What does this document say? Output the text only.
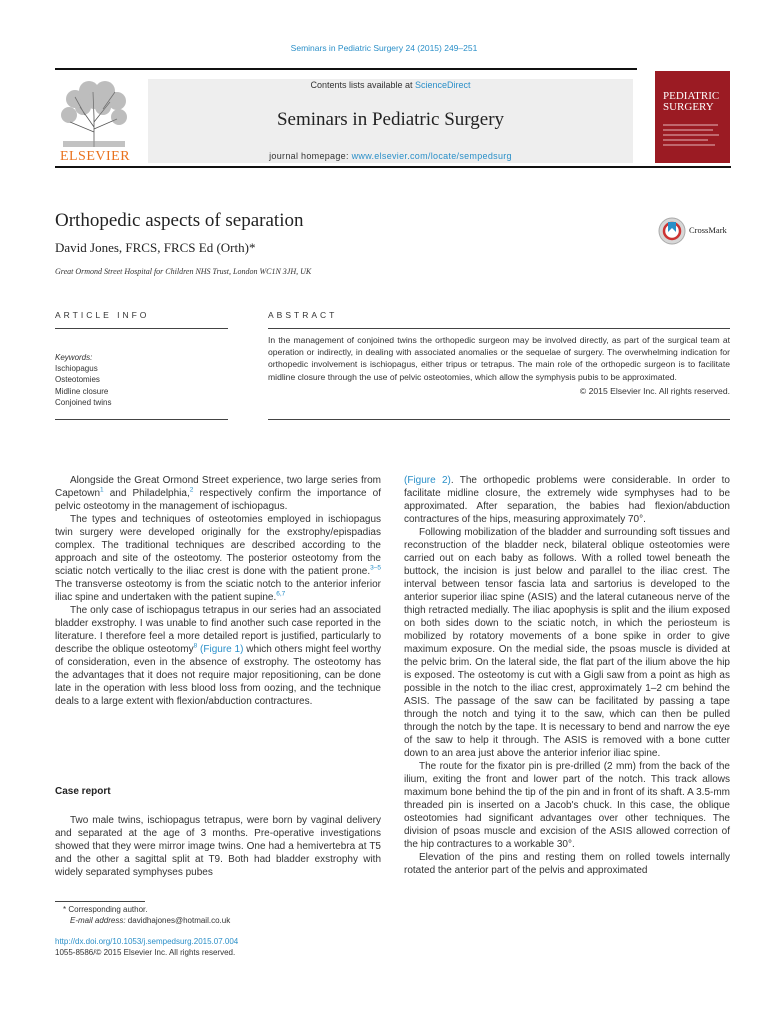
Seminars in Pediatric Surgery 24 (2015) 249–251
ELSEVIER
Contents lists available at ScienceDirect
Seminars in Pediatric Surgery
journal homepage: www.elsevier.com/locate/sempedsurg
PEDIATRIC SURGERY
Orthopedic aspects of separation
David Jones, FRCS, FRCS Ed (Orth)*
Great Ormond Street Hospital for Children NHS Trust, London WC1N 3JH, UK
CrossMark
ARTICLE INFO
Keywords:
Ischiopagus
Osteotomies
Midline closure
Conjoined twins
ABSTRACT
In the management of conjoined twins the orthopedic surgeon may be involved directly, as part of the surgical team at operation or indirectly, in dealing with associated anomalies or the sequelae of surgery. The overwhelming indication for orthopedic involvement is ischiopagus, either tripus or tetrapus. The main role of the orthopedic surgeon is to facilitate midline closure through the use of pelvic osteotomies, which allow the symphysis pubis to be approximated.
© 2015 Elsevier Inc. All rights reserved.

Alongside the Great Ormond Street experience, two large series from Capetown$^1$ and Philadelphia,$^2$ respectively confirm the importance of pelvic osteotomy in the management of ischiopagus.

The types and techniques of osteotomies employed in ischiopagus twin surgery were developed originally for the exstrophy/epispadias complex. The traditional techniques are described according to the approach and site of the osteotomy. The posterior osteotomy from the sciatic notch vertically to the iliac crest is done with the patient prone.$^{3-5}$ The transverse osteotomy is from the sciatic notch to the anterior inferior iliac spine and undertaken with the patient supine.$^{6,7}$

The only case of ischiopagus tetrapus in our series had an associated bladder exstrophy. I was unable to find another such case reported in the literature. I therefore feel a more detailed report is justified, particularly to describe the oblique osteotomy$^8$ (Figure 1) which others might feel worthy of consideration, even in the absence of exstrophy. The osteotomy has the advantages that it does not require major repositioning, can be done late in the operation with less blood loss from oozing, and the technique deals to a large extent with flexion/abduction contractures.

Case report

Two male twins, ischiopagus tetrapus, were born by vaginal delivery and separated at the age of 3 months. Pre-operative investigations showed that they were mirror image twins. One had a hemivertebra at T5 and the other a sagittal split at T9. Both had bladder exstrophy with widely separated symphyses pubes

* Corresponding author.
E-mail address: davidhajones@hotmail.co.uk
http://dx.doi.org/10.1053/j.sempedsurg.2015.07.004
1055-8586/© 2015 Elsevier Inc. All rights reserved.

(Figure 2). The orthopedic problems were considerable. In order to facilitate midline closure, the extremely wide symphyses had to be approximated. After separation, the babies had flexion/abduction contractures of the hips, measuring approximately 70°.

Following mobilization of the bladder and surrounding soft tissues and reconstruction of the bladder neck, bilateral oblique osteotomies were carried out on each baby as follows. With a rolled towel beneath the buttock, the incision is just below and parallel to the iliac crest. The interval between tensor fascia lata and sartorius is developed to the anterior superior iliac spine (ASIS) and the lateral cutaneous nerve of the thigh retracted medially. The iliac apophysis is split and the ilium exposed on both sides down to the sciatic notch, in which the periosteum is mobilized by rotatory movements of a bone spike in order to give maximum exposure. On the medial side, the psoas muscle is divided at the pelvic brim. On the lateral side, the flat part of the ilium above the hip is exposed. The osteotomy is cut with a Gigli saw from a point as high as possible in the notch to the iliac crest, approximately 1–2 cm behind the ASIS. The passage of the saw can be facilitated by passing a tape through the notch and tying it to the saw, which can then be pulled through the notch by the tape. It is necessary to bend and narrow the eye of the saw to help it through. The ASIS is removed with a bone cutter down to an area just above the anterior inferior iliac spine.

The route for the fixator pin is pre-drilled (2 mm) from the back of the ilium, exiting the front and lower part of the notch. This track allows maximum bone behind the tip of the pin and in front of its shaft. A 3.5-mm threaded pin is inserted on a Jacob's chuck. In this case, the oblique osteotomies had significant advantages over other techniques. The division of psoas muscle and excision of the ASIS allowed correction of the hip contractures to a workable 30°.

Elevation of the pins and resting them on rolled towels internally rotated the anterior part of the pelvis and approximated
